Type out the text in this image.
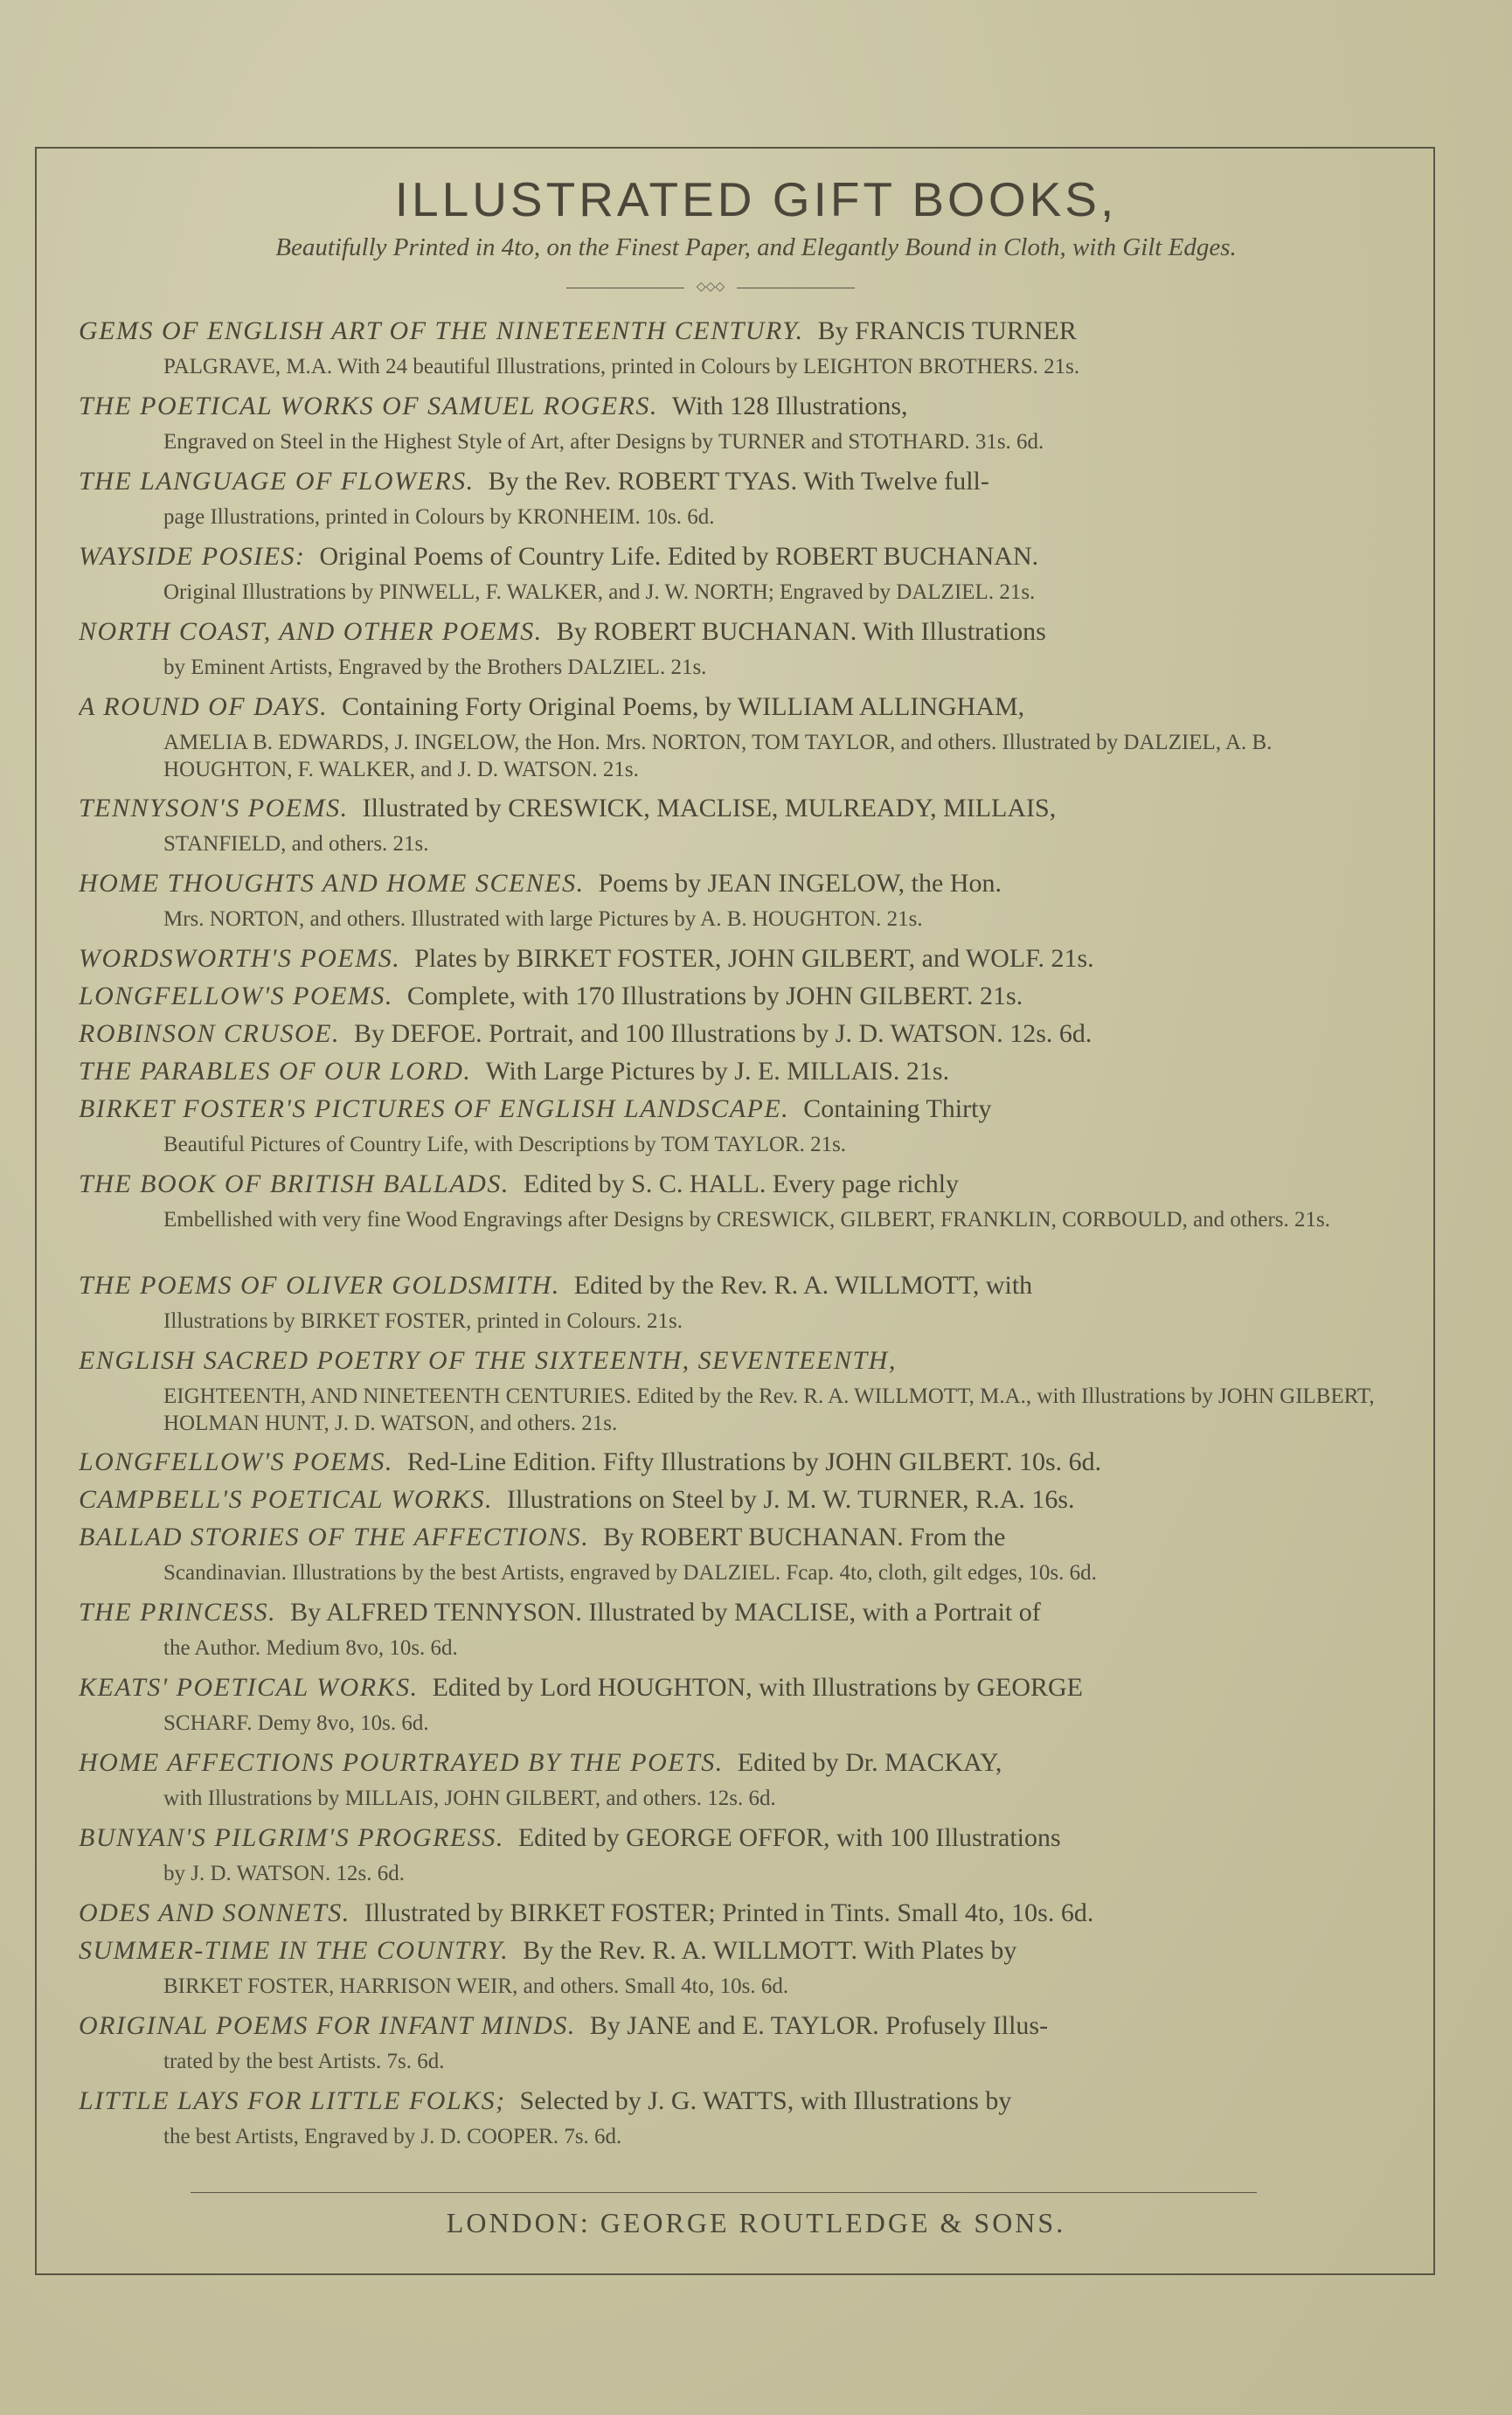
ILLUSTRATED GIFT BOOKS,
Beautifully Printed in 4to, on the Finest Paper, and Elegantly Bound in Cloth, with Gilt Edges.
◇◇◇
GEMS OF ENGLISH ART OF THE NINETEENTH CENTURY. By FRANCIS TURNER
PALGRAVE, M.A. With 24 beautiful Illustrations, printed in Colours by LEIGHTON BROTHERS. 21s.
THE POETICAL WORKS OF SAMUEL ROGERS. With 128 Illustrations,
Engraved on Steel in the Highest Style of Art, after Designs by TURNER and STOTHARD. 31s. 6d.
THE LANGUAGE OF FLOWERS. By the Rev. ROBERT TYAS. With Twelve full-
page Illustrations, printed in Colours by KRONHEIM. 10s. 6d.
WAYSIDE POSIES: Original Poems of Country Life. Edited by ROBERT BUCHANAN.
Original Illustrations by PINWELL, F. WALKER, and J. W. NORTH; Engraved by DALZIEL. 21s.
NORTH COAST, AND OTHER POEMS. By ROBERT BUCHANAN. With Illustrations
by Eminent Artists, Engraved by the Brothers DALZIEL. 21s.
A ROUND OF DAYS. Containing Forty Original Poems, by WILLIAM ALLINGHAM,
AMELIA B. EDWARDS, J. INGELOW, the Hon. Mrs. NORTON, TOM TAYLOR, and others. Illustrated by DALZIEL, A. B. HOUGHTON, F. WALKER, and J. D. WATSON. 21s.
TENNYSON'S POEMS. Illustrated by CRESWICK, MACLISE, MULREADY, MILLAIS,
STANFIELD, and others. 21s.
HOME THOUGHTS AND HOME SCENES. Poems by JEAN INGELOW, the Hon.
Mrs. NORTON, and others. Illustrated with large Pictures by A. B. HOUGHTON. 21s.
WORDSWORTH'S POEMS. Plates by BIRKET FOSTER, JOHN GILBERT, and WOLF. 21s.
LONGFELLOW'S POEMS. Complete, with 170 Illustrations by JOHN GILBERT. 21s.
ROBINSON CRUSOE. By DEFOE. Portrait, and 100 Illustrations by J. D. WATSON. 12s. 6d.
THE PARABLES OF OUR LORD. With Large Pictures by J. E. MILLAIS. 21s.
BIRKET FOSTER'S PICTURES OF ENGLISH LANDSCAPE. Containing Thirty
Beautiful Pictures of Country Life, with Descriptions by TOM TAYLOR. 21s.
THE BOOK OF BRITISH BALLADS. Edited by S. C. HALL. Every page richly
Embellished with very fine Wood Engravings after Designs by CRESWICK, GILBERT, FRANKLIN, CORBOULD, and others. 21s.
THE POEMS OF OLIVER GOLDSMITH. Edited by the Rev. R. A. WILLMOTT, with
Illustrations by BIRKET FOSTER, printed in Colours. 21s.
ENGLISH SACRED POETRY OF THE SIXTEENTH, SEVENTEENTH,
EIGHTEENTH, AND NINETEENTH CENTURIES. Edited by the Rev. R. A. WILLMOTT, M.A., with Illustrations by JOHN GILBERT, HOLMAN HUNT, J. D. WATSON, and others. 21s.
LONGFELLOW'S POEMS. Red-Line Edition. Fifty Illustrations by JOHN GILBERT. 10s. 6d.
CAMPBELL'S POETICAL WORKS. Illustrations on Steel by J. M. W. TURNER, R.A. 16s.
BALLAD STORIES OF THE AFFECTIONS. By ROBERT BUCHANAN. From the
Scandinavian. Illustrations by the best Artists, engraved by DALZIEL. Fcap. 4to, cloth, gilt edges, 10s. 6d.
THE PRINCESS. By ALFRED TENNYSON. Illustrated by MACLISE, with a Portrait of
the Author. Medium 8vo, 10s. 6d.
KEATS' POETICAL WORKS. Edited by Lord HOUGHTON, with Illustrations by GEORGE
SCHARF. Demy 8vo, 10s. 6d.
HOME AFFECTIONS POURTRAYED BY THE POETS. Edited by Dr. MACKAY,
with Illustrations by MILLAIS, JOHN GILBERT, and others. 12s. 6d.
BUNYAN'S PILGRIM'S PROGRESS. Edited by GEORGE OFFOR, with 100 Illustrations
by J. D. WATSON. 12s. 6d.
ODES AND SONNETS. Illustrated by BIRKET FOSTER; Printed in Tints. Small 4to, 10s. 6d.
SUMMER-TIME IN THE COUNTRY. By the Rev. R. A. WILLMOTT. With Plates by
BIRKET FOSTER, HARRISON WEIR, and others. Small 4to, 10s. 6d.
ORIGINAL POEMS FOR INFANT MINDS. By JANE and E. TAYLOR. Profusely Illus-
trated by the best Artists. 7s. 6d.
LITTLE LAYS FOR LITTLE FOLKS; Selected by J. G. WATTS, with Illustrations by
the best Artists, Engraved by J. D. COOPER. 7s. 6d.
LONDON: GEORGE ROUTLEDGE & SONS.
